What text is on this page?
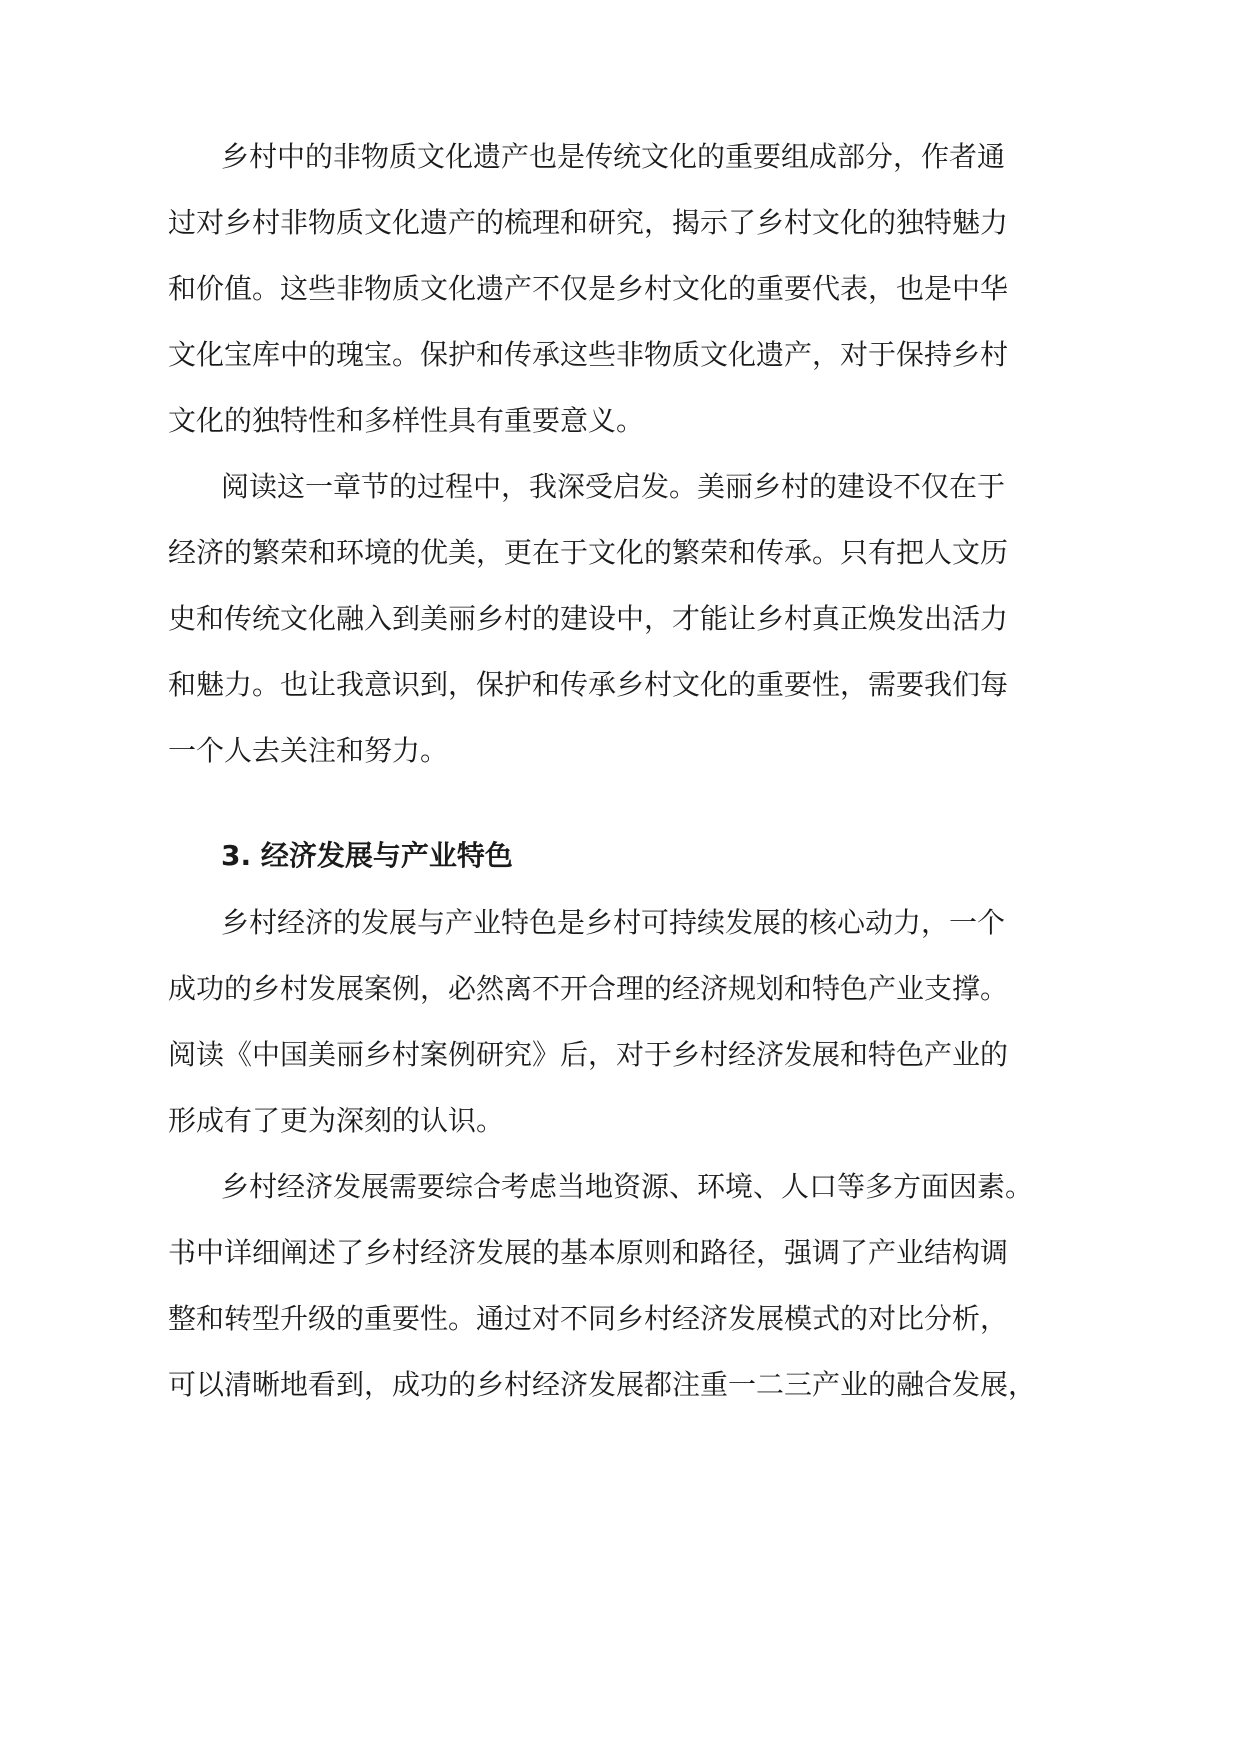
乡村中的非物质文化遗产也是传统文化的重要组成部分，作者通

过对乡村非物质文化遗产的梳理和研究，揭示了乡村文化的独特魅力

和价值。这些非物质文化遗产不仅是乡村文化的重要代表，也是中华

文化宝库中的瑰宝。保护和传承这些非物质文化遗产，对于保持乡村

文化的独特性和多样性具有重要意义。

阅读这一章节的过程中，我深受启发。美丽乡村的建设不仅在于

经济的繁荣和环境的优美，更在于文化的繁荣和传承。只有把人文历

史和传统文化融入到美丽乡村的建设中，才能让乡村真正焕发出活力

和魅力。也让我意识到，保护和传承乡村文化的重要性，需要我们每

一个人去关注和努力。

3. 经济发展与产业特色

乡村经济的发展与产业特色是乡村可持续发展的核心动力，一个

成功的乡村发展案例，必然离不开合理的经济规划和特色产业支撑。

阅读《中国美丽乡村案例研究》后，对于乡村经济发展和特色产业的

形成有了更为深刻的认识。

乡村经济发展需要综合考虑当地资源、环境、人口等多方面因素。

书中详细阐述了乡村经济发展的基本原则和路径，强调了产业结构调

整和转型升级的重要性。通过对不同乡村经济发展模式的对比分析，

可以清晰地看到，成功的乡村经济发展都注重一二三产业的融合发展，
